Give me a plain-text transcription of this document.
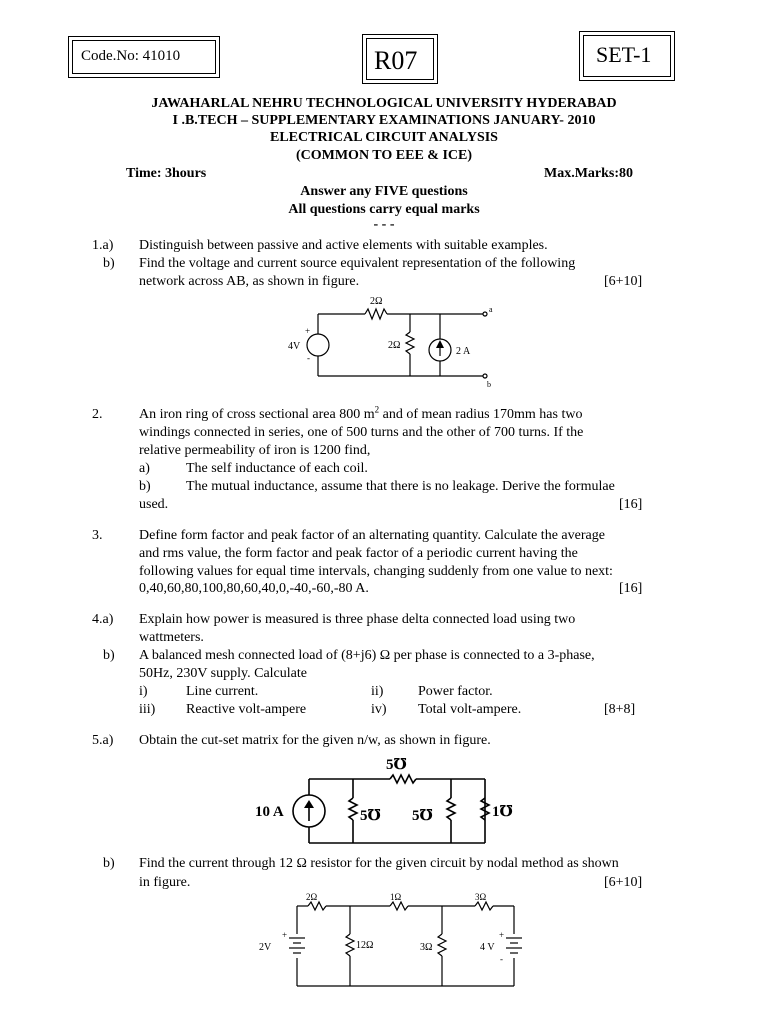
Code.No: 41010	R07	SET-1
JAWAHARLAL NEHRU TECHNOLOGICAL UNIVERSITY HYDERABAD
I .B.TECH – SUPPLEMENTARY EXAMINATIONS JANUARY- 2010
ELECTRICAL CIRCUIT ANALYSIS
(COMMON TO EEE & ICE)
Time: 3hours	Max.Marks:80
Answer any FIVE questions
All questions carry equal marks
- - -
1.a) Distinguish between passive and active elements with suitable examples.
b) Find the voltage and current source equivalent representation of the following
network across AB, as shown in figure.	[6+10]
2Ω
+
4V
-
2Ω
2 A
a
b
2.	An iron ring of cross sectional area 800 $m^2$ and of mean radius 170mm has two
windings connected in series, one of 500 turns and the other of 700 turns. If the
relative permeability of iron is 1200 find,
a)	The self inductance of each coil.
b)	The mutual inductance, assume that there is no leakage. Derive the formulae
used.	[16]
3.	Define form factor and peak factor of an alternating quantity. Calculate the average
and rms value, the form factor and peak factor of a periodic current having the
following values for equal time intervals, changing suddenly from one value to next:
0,40,60,80,100,80,60,40,0,-40,-60,-80 A.	[16]
4.a) Explain how power is measured is three phase delta connected load using two
wattmeters.
b) A balanced mesh connected load of (8+j6) Ω per phase is connected to a 3-phase,
50Hz, 230V supply. Calculate
i)	Line current.	ii) Power factor.
iii) Reactive volt-ampere	iv) Total volt-ampere.	[8+8]
5.a) Obtain the cut-set matrix for the given n/w, as shown in figure.
10 A
5℧
5℧ 5℧	1℧
b) Find the current through 12 Ω resistor for the given circuit by nodal method as shown
in figure.	[6+10]
2Ω	1Ω	3Ω
+
2V	12Ω	3Ω	4 V
+
-
